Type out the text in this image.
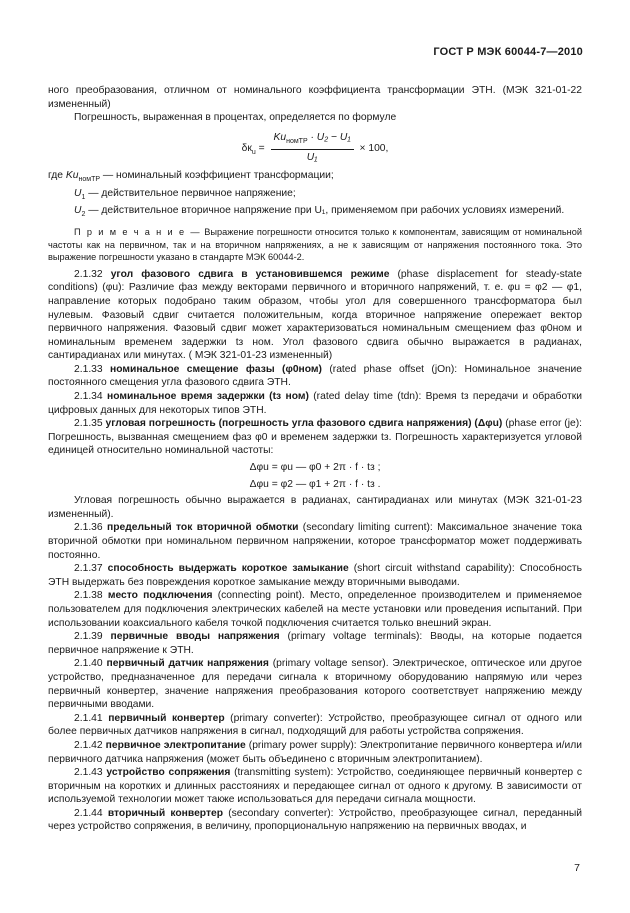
ГОСТ Р МЭК 60044-7—2010

ного преобразования, отличном от номинального коэффициента трансформации ЭТН. (МЭК 321-01-22 измененный)

Погрешность, выраженная в процентах, определяется по формуле

$\delta к_u = \frac{Ku_{номТР} \cdot U_2 - U_1}{\text{U₁}} \times 100$,

где $Ku_{номТР}$ — номинальный коэффициент трансформации;

$U_1$ — действительное первичное напряжение;

$U_2$ — действительное вторичное напряжение при U₁, применяемом при рабочих условиях измерений.

П р и м е ч а н и е — Выражение погрешности относится только к компонентам, зависящим от номинальной частоты как на первичном, так и на вторичном напряжениях, а не к зависящим от напряжения постоянного тока. Это выражение погрешности указано в стандарте МЭК 60044-2.

2.1.32 угол фазового сдвига в установившемся режиме (phase displacement for steady-state conditions) (φu): Различие фаз между векторами первичного и вторичного напряжений, т. е. φu = φ2 — φ1, направление которых подобрано таким образом, чтобы угол для совершенного трансформатора был нулевым. Фазовый сдвиг считается положительным, когда вторичное напряжение опережает вектор первичного напряжения. Фазовый сдвиг может характеризоваться номинальным смещением фаз φ0ном и номинальным временем задержки tз ном. Угол фазового сдвига обычно выражается в радианах, сантирадианах или минутах. ( МЭК 321-01-23 измененный)

2.1.33 номинальное смещение фазы (φ0ном) (rated phase offset (jOn): Номинальное значение постоянного смещения угла фазового сдвига ЭТН.

2.1.34 номинальное время задержки (tз ном) (rated delay time (tdn): Время tз передачи и обработки цифровых данных для некоторых типов ЭТН.

2.1.35 угловая погрешность (погрешность угла фазового сдвига напряжения) (Δφu) (phase error (je): Погрешность, вызванная смещением фаз φ0 и временем задержки tз. Погрешность характеризуется угловой единицей относительно номинальной частоты:

Δφu = φu — φ0 + 2π · f · tз ;
Δφu = φ2 — φ1 + 2π · f · tз .

Угловая погрешность обычно выражается в радианах, сантирадианах или минутах (МЭК 321-01-23 измененный).

2.1.36 предельный ток вторичной обмотки (secondary limiting current): Максимальное значение тока вторичной обмотки при номинальном первичном напряжении, которое трансформатор может поддерживать постоянно.

2.1.37 способность выдержать короткое замыкание (short circuit withstand capability): Способность ЭТН выдержать без повреждения короткое замыкание между вторичными выводами.

2.1.38 место подключения (connecting point). Место, определенное производителем и применяемое пользователем для подключения электрических кабелей на месте установки или проведения испытаний. При использовании коаксиального кабеля точкой подключения считается только внешний экран.

2.1.39 первичные вводы напряжения (primary voltage terminals): Вводы, на которые подается первичное напряжение к ЭТН.

2.1.40 первичный датчик напряжения (primary voltage sensor). Электрическое, оптическое или другое устройство, предназначенное для передачи сигнала к вторичному оборудованию напрямую или через первичный конвертер, значение напряжения преобразования которого соответствует напряжению между первичными вводами.

2.1.41 первичный конвертер (primary converter): Устройство, преобразующее сигнал от одного или более первичных датчиков напряжения в сигнал, подходящий для работы устройства сопряжения.

2.1.42 первичное электропитание (primary power supply): Электропитание первичного конвертера и/или первичного датчика напряжения (может быть объединено с вторичным электропитанием).

2.1.43 устройство сопряжения (transmitting system): Устройство, соединяющее первичный конвертер с вторичным на коротких и длинных расстояниях и передающее сигнал от одного к другому. В зависимости от используемой технологии может также использоваться для передачи сигнала мощности.

2.1.44 вторичный конвертер (secondary converter): Устройство, преобразующее сигнал, переданный через устройство сопряжения, в величину, пропорциональную напряжению на первичных вводах, и

7
